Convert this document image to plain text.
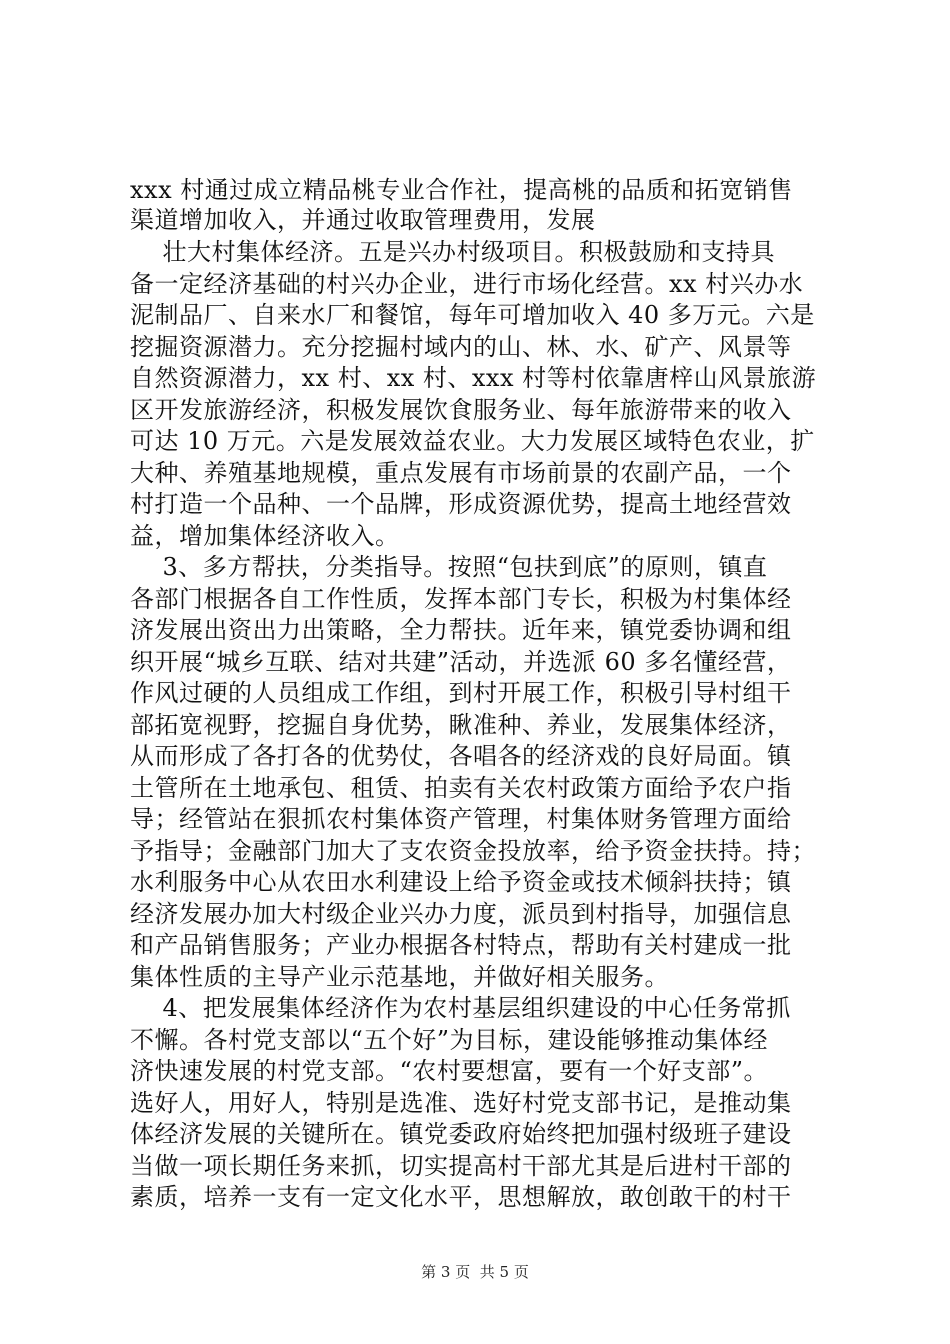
xxx 村通过成立精品桃专业合作社，提高桃的品质和拓宽销售
渠道增加收入，并通过收取管理费用，发展
壮大村集体经济。五是兴办村级项目。积极鼓励和支持具
备一定经济基础的村兴办企业，进行市场化经营。xx 村兴办水
泥制品厂、自来水厂和餐馆，每年可增加收入 40 多万元。六是
挖掘资源潜力。充分挖掘村域内的山、林、水、矿产、风景等
自然资源潜力，xx 村、xx 村、xxx 村等村依靠唐梓山风景旅游
区开发旅游经济，积极发展饮食服务业、每年旅游带来的收入
可达 10 万元。六是发展效益农业。大力发展区域特色农业，扩
大种、养殖基地规模，重点发展有市场前景的农副产品，一个
村打造一个品种、一个品牌，形成资源优势，提高土地经营效
益，增加集体经济收入。
3、多方帮扶，分类指导。按照“包扶到底”的原则，镇直
各部门根据各自工作性质，发挥本部门专长，积极为村集体经
济发展出资出力出策略，全力帮扶。近年来，镇党委协调和组
织开展“城乡互联、结对共建”活动，并选派 60 多名懂经营，
作风过硬的人员组成工作组，到村开展工作，积极引导村组干
部拓宽视野，挖掘自身优势，瞅准种、养业，发展集体经济，
从而形成了各打各的优势仗，各唱各的经济戏的良好局面。镇
土管所在土地承包、租赁、拍卖有关农村政策方面给予农户指
导；经管站在狠抓农村集体资产管理，村集体财务管理方面给
予指导；金融部门加大了支农资金投放率，给予资金扶持。持；
水利服务中心从农田水利建设上给予资金或技术倾斜扶持；镇
经济发展办加大村级企业兴办力度，派员到村指导，加强信息
和产品销售服务；产业办根据各村特点，帮助有关村建成一批
集体性质的主导产业示范基地，并做好相关服务。
4、把发展集体经济作为农村基层组织建设的中心任务常抓
不懈。各村党支部以“五个好”为目标，建设能够推动集体经
济快速发展的村党支部。“农村要想富，要有一个好支部”。
选好人，用好人，特别是选准、选好村党支部书记，是推动集
体经济发展的关键所在。镇党委政府始终把加强村级班子建设
当做一项长期任务来抓，切实提高村干部尤其是后进村干部的
素质，培养一支有一定文化水平，思想解放，敢创敢干的村干
第 3 页  共 5 页
